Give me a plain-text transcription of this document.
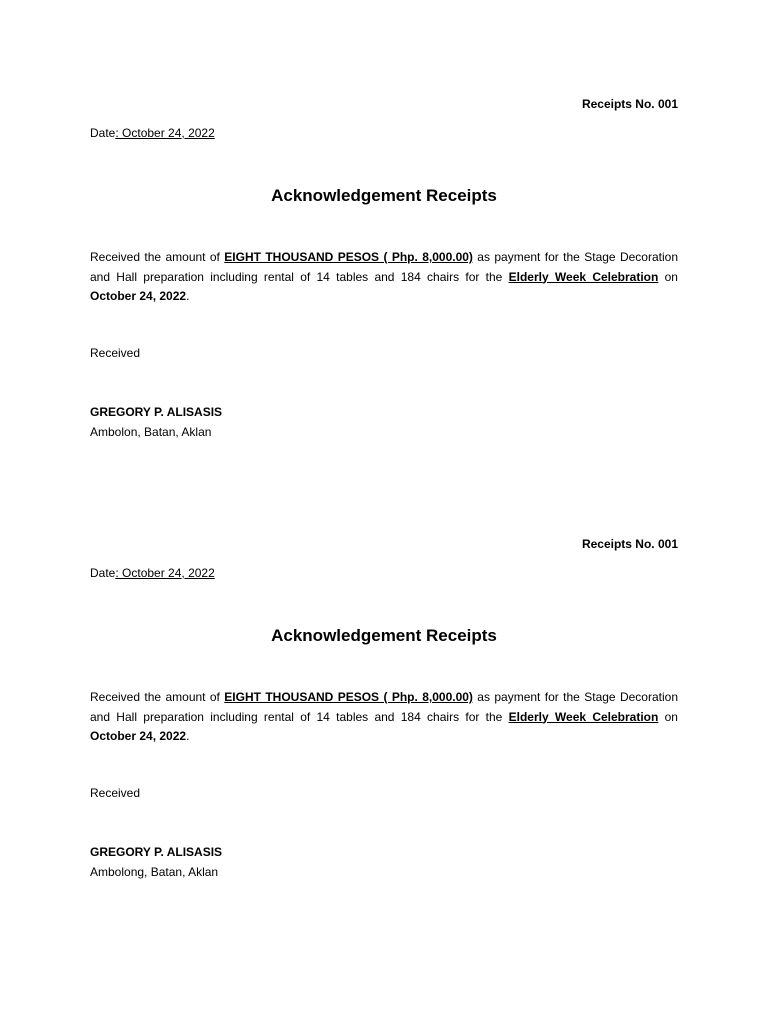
Receipts No. 001
Date: October 24, 2022
Acknowledgement Receipts
Received the amount of EIGHT THOUSAND PESOS ( Php. 8,000.00) as payment for the Stage Decoration and Hall preparation including rental of 14 tables and 184 chairs for the Elderly Week Celebration on October 24, 2022.
Received
GREGORY P. ALISASIS
Ambolon, Batan, Aklan
Receipts No. 001
Date: October 24, 2022
Acknowledgement Receipts
Received the amount of EIGHT THOUSAND PESOS ( Php. 8,000.00) as payment for the Stage Decoration and Hall preparation including rental of 14 tables and 184 chairs for the Elderly Week Celebration on October 24, 2022.
Received
GREGORY P. ALISASIS
Ambolong, Batan, Aklan
